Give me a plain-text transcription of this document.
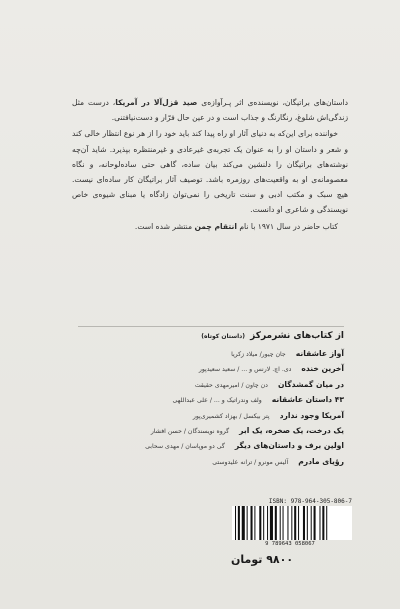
داستان‌های براتیگان، نویسنده‌ی اثر پـرآوازه‌ی صید قزل‌آلا در آمریکا، درست مثل زندگی‌اش شلوغ، رنگارنگ و جذاب است و در عین حال فرّار و دست‌نیافتنی.

خواننده برای این‌که به دنیای آثار او راه پیدا کند باید خود را از هر نوع انتظار خالی کند و شعر و داستان او را به عنوان یک تجربه‌ی غیرعادی و غیرمنتظره بپذیرد. شاید آن‌چه نوشته‌های براتیگان را دلنشین می‌کند بیان ساده، گاهی حتی ساده‌لوحانه، و نگاه معصومانه‌ی او به واقعیت‌های روزمره باشد. توصیف آثار براتیگان کار ساده‌ای نیست. هیچ سبک و مکتب ادبی و سنت تاریخی را نمی‌توان زادگاه یا مبنای شیوه‌ی خاص نویسندگی و شاعری او دانست.

کتاب حاضر در سال ۱۹۷۱ با نام انتقام چمن منتشر شده است.

از کتاب‌های نشرمرکز (داستان کوتاه)
آواز عاشقانه
جان چیور/ میلاد زکریا
آخرین خنده
دی. اچ. لارنس و ... / سعید سعیدپور
در میان گمشدگان
دن چاون / امیرمهدی حقیقت
۴۳ داستان عاشقانه
ولف وندراتیک و ... / علی عبداللهی
آمریکا وجود ندارد
پتر بیکسل / بهزاد کشمیری‌پور
یک درخت، یک صخره، یک ابر
گروه نویسندگان / حسن افشار
اولین برف و داستان‌های دیگر
گی دو موپاسان / مهدی سحابی
رؤیای مادرم
آلیس مونرو / ترانه علیدوستی
ISBN: 978-964-305-806-7
9 789643 058067
۹۸۰۰ تومان
